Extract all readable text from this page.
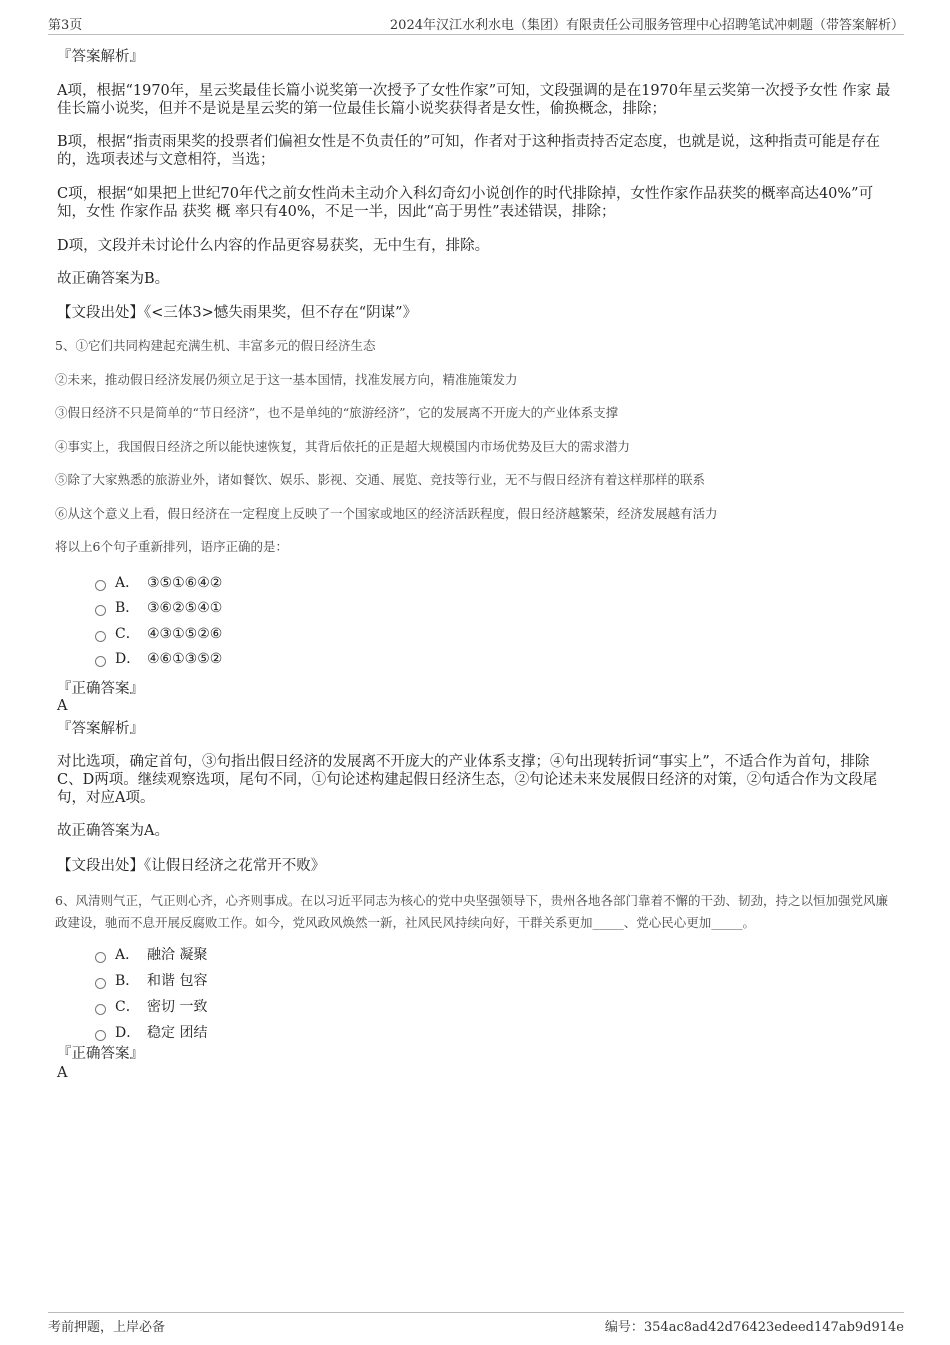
第3页	2024年汉江水利水电（集团）有限责任公司服务管理中心招聘笔试冲刺题（带答案解析）

『答案解析』

A项，根据“1970年，星云奖最佳长篇小说奖第一次授予了女性作家”可知，文段强调的是在1970年星云奖第一次授予女性 作家 最佳长篇小说奖，但并不是说是星云奖的第一位最佳长篇小说奖获得者是女性，偷换概念，排除；

B项，根据“指责雨果奖的投票者们偏袒女性是不负责任的”可知，作者对于这种指责持否定态度，也就是说，这种指责可能是存在的，选项表述与文意相符，当选；

C项，根据“如果把上世纪70年代之前女性尚未主动介入科幻奇幻小说创作的时代排除掉，女性作家作品获奖的概率高达40%”可知，女性 作家作品 获奖 概 率只有40%，不足一半，因此“高于男性”表述错误，排除；

D项，文段并未讨论什么内容的作品更容易获奖，无中生有，排除。

故正确答案为B。

【文段出处】《<三体3>憾失雨果奖，但不存在“阴谋”》

5、①它们共同构建起充满生机、丰富多元的假日经济生态

②未来，推动假日经济发展仍须立足于这一基本国情，找准发展方向，精准施策发力

③假日经济不只是简单的“节日经济”，也不是单纯的“旅游经济”，它的发展离不开庞大的产业体系支撑

④事实上，我国假日经济之所以能快速恢复，其背后依托的正是超大规模国内市场优势及巨大的需求潜力

⑤除了大家熟悉的旅游业外，诸如餐饮、娱乐、影视、交通、展览、竞技等行业，无不与假日经济有着这样那样的联系

⑥从这个意义上看，假日经济在一定程度上反映了一个国家或地区的经济活跃程度，假日经济越繁荣，经济发展越有活力

将以上6个句子重新排列，语序正确的是：

A． ③⑤①⑥④②
B． ③⑥②⑤④①
C． ④③①⑤②⑥
D． ④⑥①③⑤②

『正确答案』

A

『答案解析』

对比选项，确定首句，③句指出假日经济的发展离不开庞大的产业体系支撑；④句出现转折词“事实上”，不适合作为首句，排除C、D两项。继续观察选项，尾句不同，①句论述构建起假日经济生态，②句论述未来发展假日经济的对策，②句适合作为文段尾句，对应A项。

故正确答案为A。

【文段出处】《让假日经济之花常开不败》

6、风清则气正，气正则心齐，心齐则事成。在以习近平同志为核心的党中央坚强领导下，贵州各地各部门靠着不懈的干劲、韧劲，持之以恒加强党风廉政建设，驰而不息开展反腐败工作。如今，党风政风焕然一新，社风民风持续向好，干群关系更加_____、党心民心更加_____。

A． 融洽 凝聚
B． 和谐 包容
C． 密切 一致
D． 稳定 团结

『正确答案』

A

考前押题，上岸必备	编号：354ac8ad42d76423edeed147ab9d914e
